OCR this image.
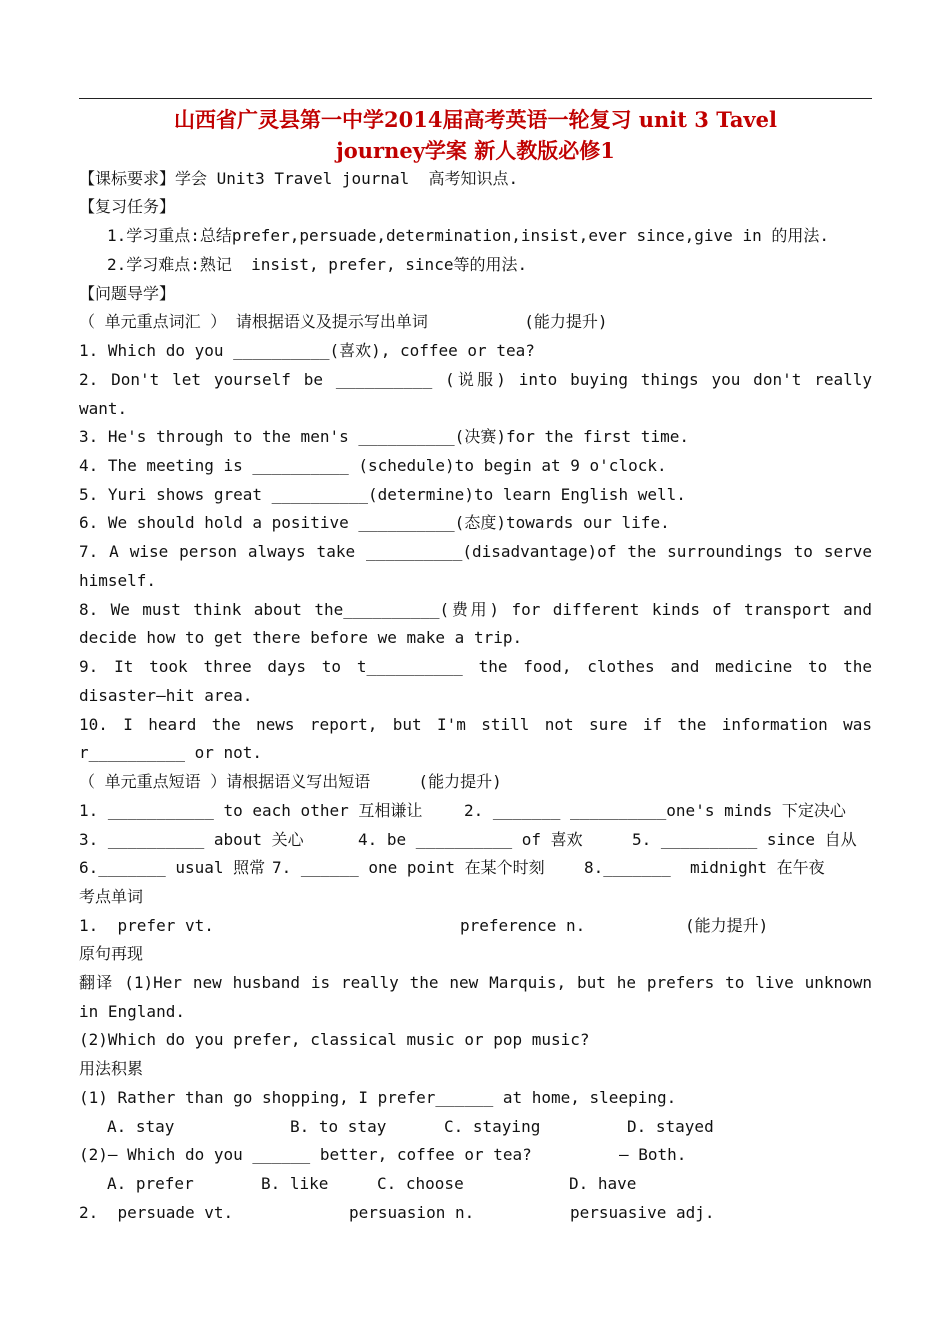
山西省广灵县第一中学2014届高考英语一轮复习 unit 3 Tavel
journey学案 新人教版必修1
【课标要求】学会 Unit3 Travel journal  高考知识点.
【复习任务】
1.学习重点:总结prefer,persuade,determination,insist,ever since,give in 的用法.
2.学习难点:熟记  insist, prefer, since等的用法.
【问题导学】
（ 单元重点词汇 ） 请根据语义及提示写出单词          (能力提升)
1. Which do you __________(喜欢), coffee or tea?
2. Don't let yourself be __________ (说服) into buying things you don't really
want.
3. He's through to the men's __________(决赛)for the first time.
4. The meeting is __________ (schedule)to begin at 9 o'clock.
5. Yuri shows great __________(determine)to learn English well.
6. We should hold a positive __________(态度)towards our life.
7. A wise person always take __________(disadvantage)of the surroundings to serve
himself.
8. We must think about the__________(费用) for different kinds of transport and
decide how to get there before we make a trip.
9. It took three days to t__________ the food, clothes and medicine to the
disaster—hit area.
10. I heard the news report, but I'm still not sure if the information was
r__________ or not.
（ 单元重点短语 ）请根据语义写出短语     (能力提升)
1. ___________ to each other 互相谦让	2. _______ __________one's minds 下定决心
3. __________ about 关心	4. be __________ of 喜欢	5. __________ since 自从
6._______ usual 照常 7. ______ one point 在某个时刻 8._______  midnight 在午夜
考点单词
1.  prefer vt.	preference n.	(能力提升)
原句再现
翻译 (1)Her new husband is really the new Marquis, but he prefers to live unknown
in England.
(2)Which do you prefer, classical music or pop music?
用法积累
(1) Rather than go shopping, I prefer______ at home, sleeping.
A. stay	B. to stay	C. staying	D. stayed
(2)— Which do you ______ better, coffee or tea?	— Both.
A. prefer	B. like	C. choose	D. have
2.  persuade vt.	persuasion n.	persuasive adj.
